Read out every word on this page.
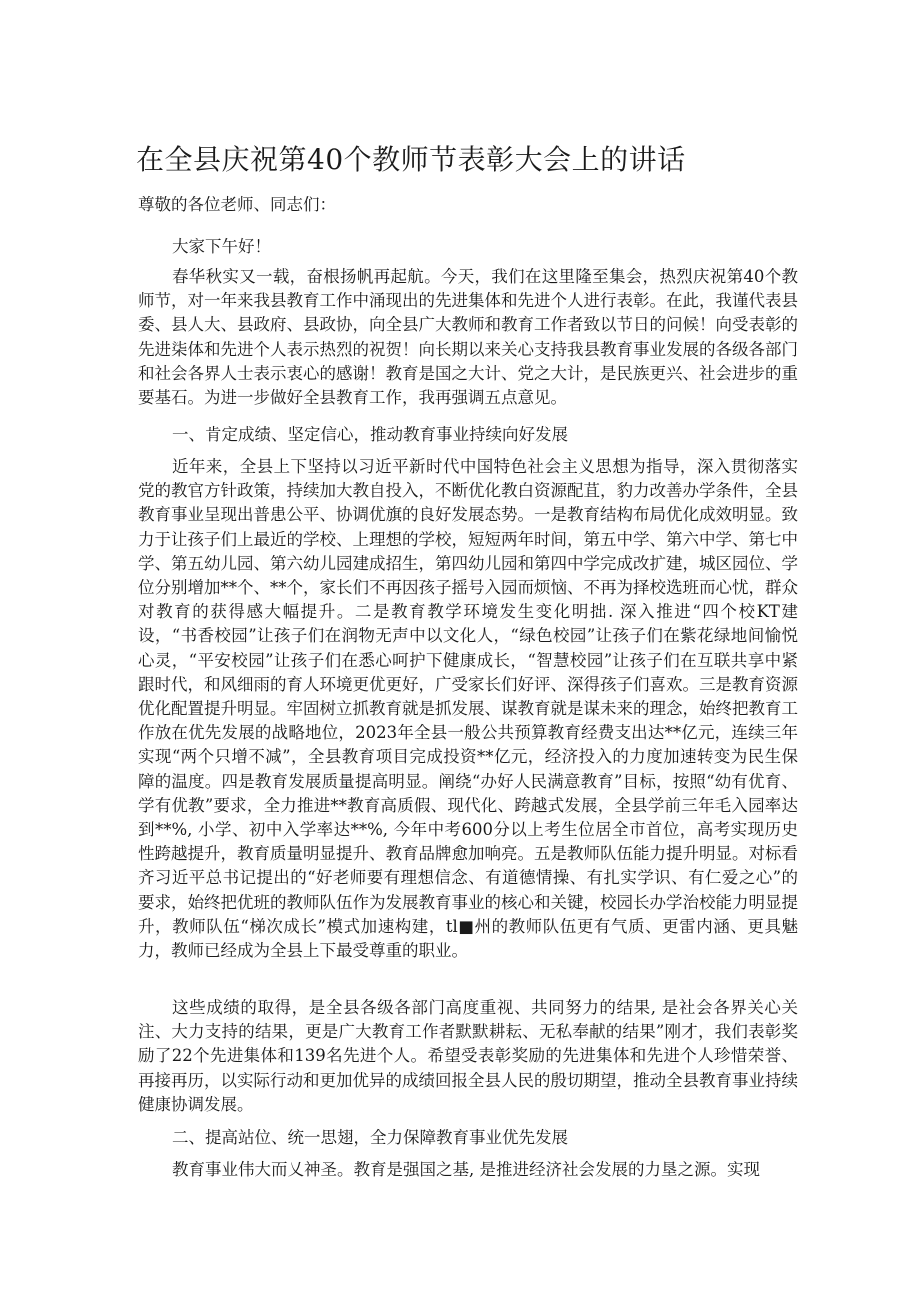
在全县庆祝第40个教师节表彰大会上的讲话

尊敬的各位老师、同志们：

大家下午好！

春华秋实又一载，奋根扬帆再起航。今天，我们在这里隆至集会，热烈庆祝第40个教师节，对一年来我县教育工作中涌现出的先进集体和先进个人进行表彰。在此，我谨代表县委、县人大、县政府、县政协，向全县广大教师和教育工作者致以节日的问候！向受表彰的先进柒体和先进个人表示热烈的祝贺！向长期以来关心支持我县教育事业发展的各级各部门和社会各界人士表示衷心的感谢！教育是国之大计、党之大计，是民族更兴、社会进步的重要基石。为进一步做好全县教育工作，我再强调五点意见。

一、肯定成绩、坚定信心，推动教育事业持续向好发展

近年来，全县上下坚持以习近平新时代中国特色社会主义思想为指导，深入贯彻落实党的教官方针政策，持续加大教自投入，不断优化教白资源配苴，豹力改善办学条件，全县教育事业呈现出普患公平、协调优旗的良好发展态势。一是教育结构布局优化成效明显。致力于让孩子们上最近的学校、上理想的学校，短短两年时间，第五中学、第六中学、第七中学、第五幼儿园、第六幼儿园建成招生，第四幼儿园和第四中学完成改扩建，城区园位、学位分别增加**个、**个，家长们不再因孩子摇号入园而烦恼、不再为择校选班而心忧，群众对教育的获得感大幅提升。二是教育教学环境发生变化明拙. 深入推进“四个校KT建设，“书香校园”让孩子们在润物无声中以文化人，“绿色校园”让孩子们在紫花绿地间愉悦心灵，“平安校园”让孩子们在悉心呵护下健康成长，“智慧校园”让孩子们在互联共享中紧跟时代，和风细雨的育人环境更优更好，广受家长们好评、深得孩子们喜欢。三是教育资源优化配置提升明显。牢固树立抓教育就是抓发展、谋教育就是谋未来的理念，始终把教育工作放在优先发展的战略地位，2023年全县一般公共预算教育经费支出达**亿元，连续三年实现“两个只增不减”，全县教育项目完成投资**亿元，经济投入的力度加速转变为民生保障的温度。四是教育发展质量提高明显。阐绕“办好人民满意教育”目标，按照“幼有优育、学有优教”要求，全力推进**教育高质假、现代化、跨越式发展，全县学前三年毛入园率达到**%, 小学、初中入学率达**%, 今年中考600分以上考生位居全市首位，高考实现历史性跨越提升，教育质量明显提升、教育品牌愈加响亮。五是教师队伍能力提升明显。对标看齐习近平总书记提出的“好老师要有理想信念、有道德情操、有扎实学识、有仁爱之心”的要求，始终把优班的教师队伍作为发展教育事业的核心和关键，校园长办学治校能力明显提升，教师队伍“梯次成长”模式加速构建，tl■州的教师队伍更有气质、更雷内涵、更具魅力，教师已经成为全县上下最受尊重的职业。

这些成绩的取得，是全县各级各部门高度重视、共同努力的结果, 是社会各界关心关注、大力支持的结果，更是广大教育工作者默默耕耘、无私奉献的结果”刚才，我们表彰奖励了22个先进集体和139名先进个人。希望受表彰奖励的先进集体和先进个人珍惜荣誉、再接再历，以实际行动和更加优异的成绩回报全县人民的殷切期望，推动全县教育事业持续健康协调发展。

二、提高站位、统一思翅，全力保障教育事业优先发展

教育事业伟大而乂神圣。教育是强国之基, 是推进经济社会发展的力垦之源。实现
